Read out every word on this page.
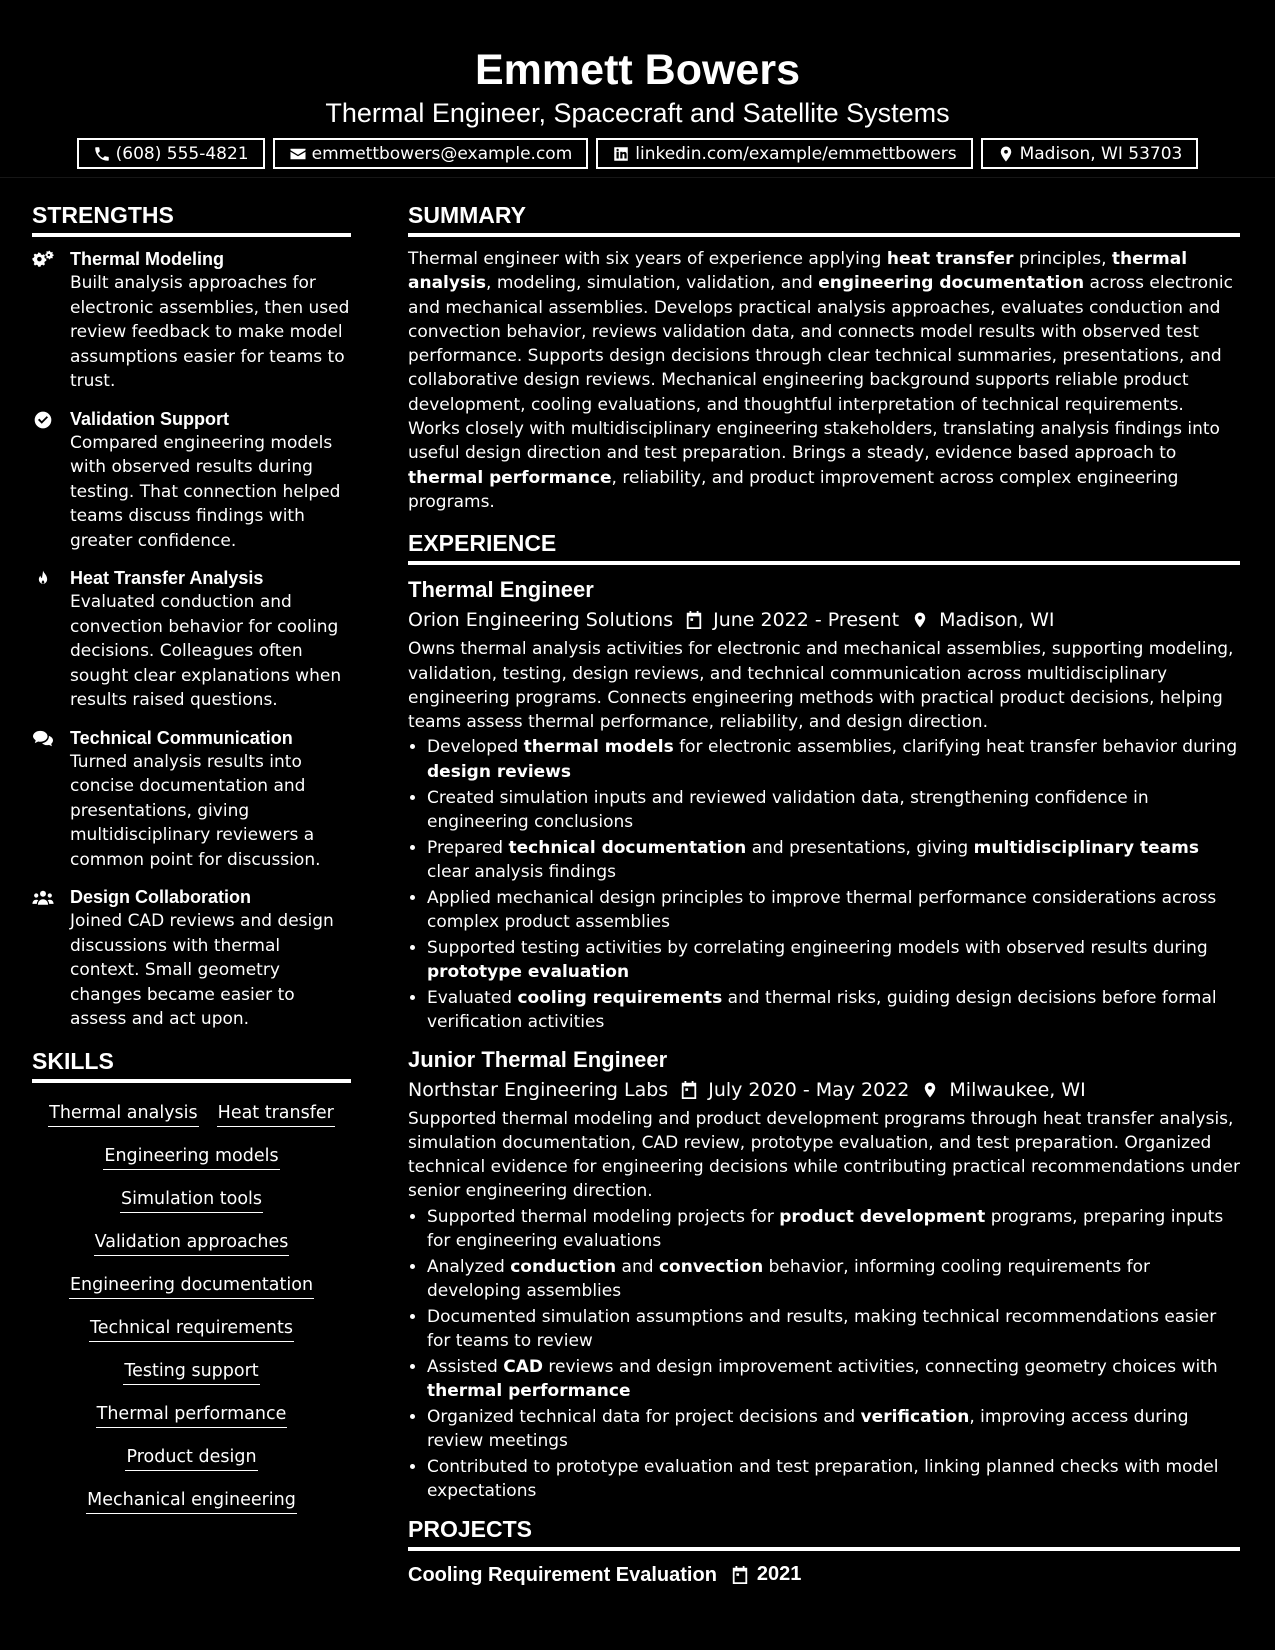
Emmett Bowers
Thermal Engineer, Spacecraft and Satellite Systems
(608) 555-4821	emmettbowers@example.com	linkedin.com/example/emmettbowers	Madison, WI 53703
STRENGTHS
Thermal Modeling
Built analysis approaches for electronic assemblies, then used review feedback to make model assumptions easier for teams to trust.
Validation Support
Compared engineering models with observed results during testing. That connection helped teams discuss findings with greater confidence.
Heat Transfer Analysis
Evaluated conduction and convection behavior for cooling decisions. Colleagues often sought clear explanations when results raised questions.
Technical Communication
Turned analysis results into concise documentation and presentations, giving multidisciplinary reviewers a common point for discussion.
Design Collaboration
Joined CAD reviews and design discussions with thermal context. Small geometry changes became easier to assess and act upon.
SKILLS
Thermal analysis Heat transfer
Engineering models
Simulation tools
Validation approaches
Engineering documentation
Technical requirements
Testing support
Thermal performance
Product design
Mechanical engineering
SUMMARY

Thermal engineer with six years of experience applying heat transfer principles, thermal analysis, modeling, simulation, validation, and engineering documentation across electronic and mechanical assemblies. Develops practical analysis approaches, evaluates conduction and convection behavior, reviews validation data, and connects model results with observed test performance. Supports design decisions through clear technical summaries, presentations, and collaborative design reviews. Mechanical engineering background supports reliable product development, cooling evaluations, and thoughtful interpretation of technical requirements. Works closely with multidisciplinary engineering stakeholders, translating analysis findings into useful design direction and test preparation. Brings a steady, evidence based approach to thermal performance, reliability, and product improvement across complex engineering programs.

EXPERIENCE
Thermal Engineer
Orion Engineering Solutions June 2022 - Present Madison, WI

Owns thermal analysis activities for electronic and mechanical assemblies, supporting modeling, validation, testing, design reviews, and technical communication across multidisciplinary engineering programs. Connects engineering methods with practical product decisions, helping teams assess thermal performance, reliability, and design direction.

• Developed thermal models for electronic assemblies, clarifying heat transfer behavior during design reviews
• Created simulation inputs and reviewed validation data, strengthening confidence in engineering conclusions
• Prepared technical documentation and presentations, giving multidisciplinary teams clear analysis findings
• Applied mechanical design principles to improve thermal performance considerations across complex product assemblies
• Supported testing activities by correlating engineering models with observed results during prototype evaluation
• Evaluated cooling requirements and thermal risks, guiding design decisions before formal verification activities
Junior Thermal Engineer
Northstar Engineering Labs July 2020 - May 2022 Milwaukee, WI

Supported thermal modeling and product development programs through heat transfer analysis, simulation documentation, CAD review, prototype evaluation, and test preparation. Organized technical evidence for engineering decisions while contributing practical recommendations under senior engineering direction.

• Supported thermal modeling projects for product development programs, preparing inputs for engineering evaluations
• Analyzed conduction and convection behavior, informing cooling requirements for developing assemblies
• Documented simulation assumptions and results, making technical recommendations easier for teams to review
• Assisted CAD reviews and design improvement activities, connecting geometry choices with thermal performance
• Organized technical data for project decisions and verification, improving access during review meetings
• Contributed to prototype evaluation and test preparation, linking planned checks with model expectations
PROJECTS
Cooling Requirement Evaluation 2021
